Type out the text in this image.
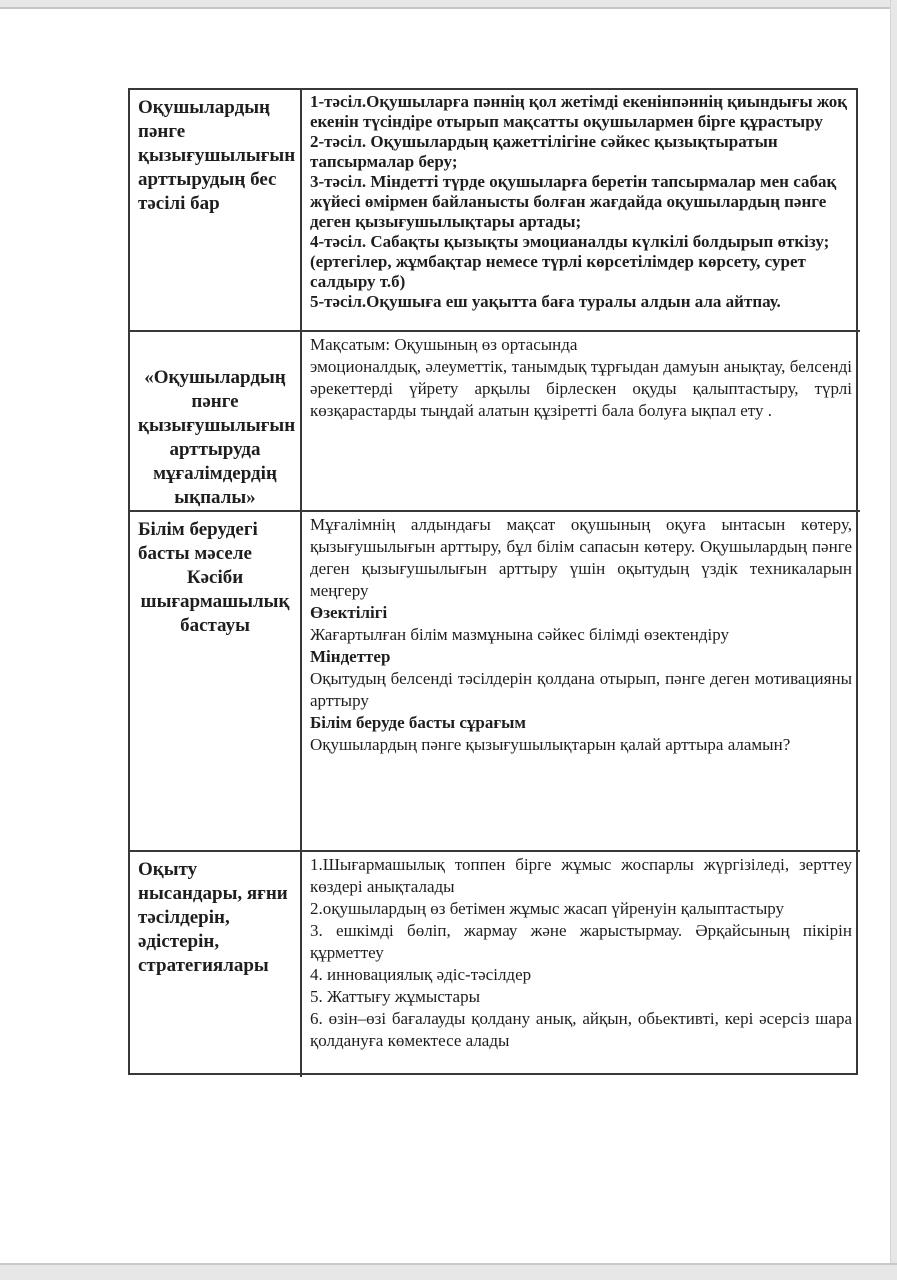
Оқушылардың пәнге қызығушылығын арттырудың бес тәсілі бар

1-тәсіл.Оқушыларға пәннің қол жетімді екенінпәннің қиындығы жоқ екенін түсіндіре отырып мақсатты оқушылармен бірге құрастыру

2-тәсіл. Оқушылардың қажеттілігіне сәйкес қызықтыратын тапсырмалар беру;

3-тәсіл. Міндетті түрде оқушыларға беретін тапсырмалар мен сабақ жүйесі өмірмен байланысты болған жағдайда оқушылардың пәнге деген қызығушылықтары артады;

4-тәсіл. Сабақты қызықты эмоцианалды күлкілі болдырып өткізу; (ертегілер, жұмбақтар немесе түрлі көрсетілімдер көрсету, сурет салдыру т.б)

5-тәсіл.Оқушыға еш уақытта баға туралы алдын ала айтпау.

«Оқушылардың пәнге қызығушылығын арттыруда мұғалімдердің ықпалы»

Мақсатым: Оқушының өз ортасында

эмоционалдық, әлеуметтік, танымдық тұрғыдан дамуын анықтау, белсенді әрекеттерді үйрету арқылы бірлескен оқуды қалыптастыру, түрлі көзқарастарды тыңдай алатын құзіретті бала болуға ықпал ету .

Білім берудегі басты мәселе

Кәсіби шығармашылық бастауы

Мұғалімнің алдындағы мақсат оқушының оқуға ынтасын көтеру, қызығушылығын арттыру, бұл білім сапасын көтеру. Оқушылардың пәнге деген қызығушылығын арттыру үшін оқытудың үздік техникаларын меңгеру

Өзектілігі

Жағартылған білім мазмұнына сәйкес білімді өзектендіру

Міндеттер

Оқытудың белсенді тәсілдерін қолдана отырып, пәнге деген мотивацияны арттыру

Білім беруде басты сұрағым

Оқушылардың пәнге қызығушылықтарын қалай арттыра аламын?

Оқыту нысандары, яғни тәсілдерін, әдістерін, стратегиялары

1.Шығармашылық топпен бірге жұмыс жоспарлы жүргізіледі, зерттеу көздері анықталады

2.оқушылардың өз бетімен жұмыс жасап үйренуін қалыптастыру

3. ешкімді бөліп, жармау және жарыстырмау. Әрқайсының пікірін құрметтеу

4. инновациялық әдіс-тәсілдер

5. Жаттығу жұмыстары

6. өзін–өзі бағалауды қолдану анық, айқын, обьективті, кері әсерсіз шара қолдануға көмектесе алады
